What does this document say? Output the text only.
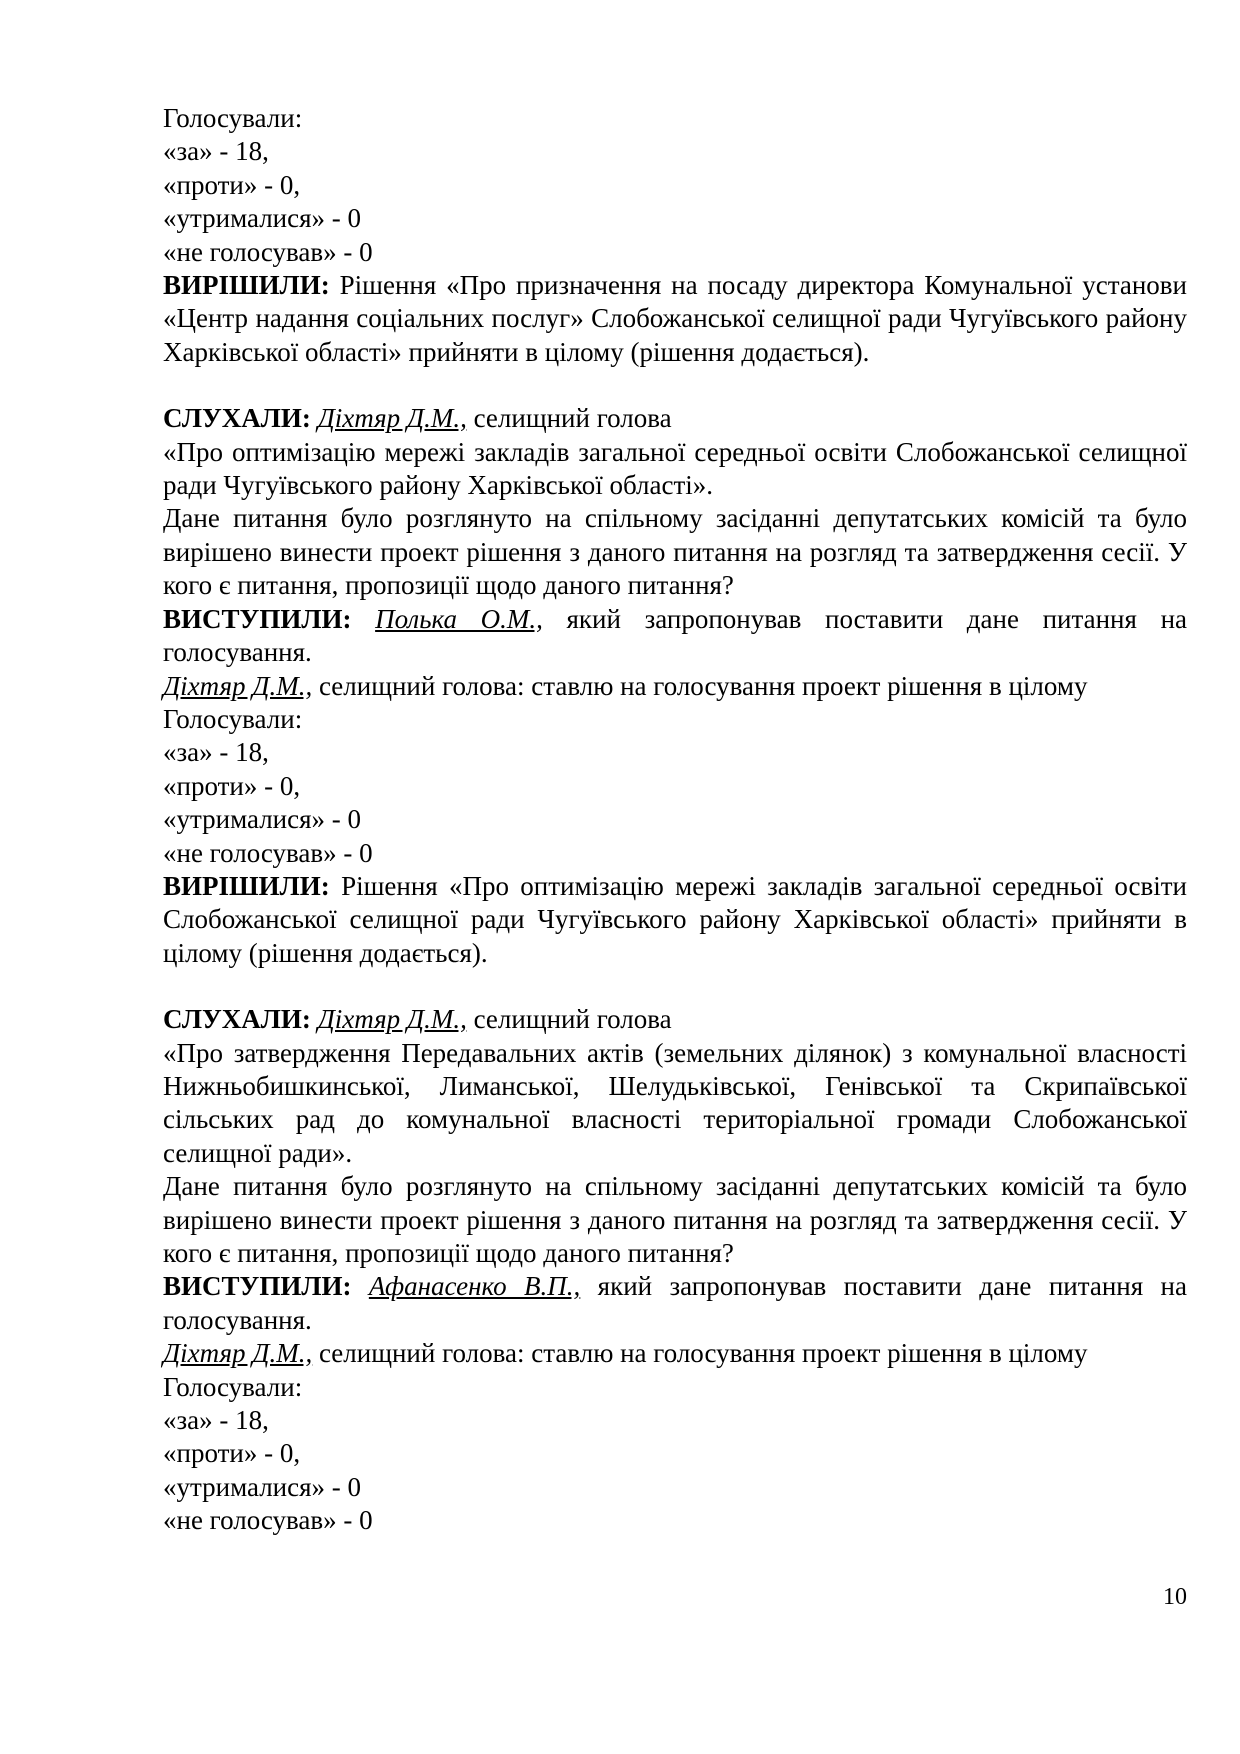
Голосували:
«за» - 18,
«проти» - 0,
«утрималися» - 0
«не голосував» - 0

ВИРІШИЛИ: Рішення «Про призначення на посаду директора Комунальної установи «Центр надання соціальних послуг» Слобожанської селищної ради Чугуївського району Харківської області» прийняти в цілому (рішення додається).

СЛУХАЛИ: Діхтяр Д.М., селищний голова

«Про оптимізацію мережі закладів загальної середньої освіти Слобожанської селищної ради Чугуївського району Харківської області».

Дане питання було розглянуто на спільному засіданні депутатських комісій та було вирішено винести проект рішення з даного питання на розгляд та затвердження сесії. У кого є питання, пропозиції щодо даного питання?

ВИСТУПИЛИ: Полька О.М., який запропонував поставити дане питання на голосування.

Діхтяр Д.М., селищний голова: ставлю на голосування проект рішення в цілому
Голосували:
«за» - 18,
«проти» - 0,
«утрималися» - 0
«не голосував» - 0

ВИРІШИЛИ: Рішення «Про оптимізацію мережі закладів загальної середньої освіти Слобожанської селищної ради Чугуївського району Харківської області» прийняти в цілому (рішення додається).

СЛУХАЛИ: Діхтяр Д.М., селищний голова

«Про затвердження Передавальних актів (земельних ділянок) з комунальної власності Нижньобишкинської, Лиманської, Шелудьківської, Генівської та Скрипаївської сільських рад до комунальної власності територіальної громади Слобожанської селищної ради».

Дане питання було розглянуто на спільному засіданні депутатських комісій та було вирішено винести проект рішення з даного питання на розгляд та затвердження сесії. У кого є питання, пропозиції щодо даного питання?

ВИСТУПИЛИ: Афанасенко В.П., який запропонував поставити дане питання на голосування.

Діхтяр Д.М., селищний голова: ставлю на голосування проект рішення в цілому
Голосували:
«за» - 18,
«проти» - 0,
«утрималися» - 0
«не голосував» - 0
10
